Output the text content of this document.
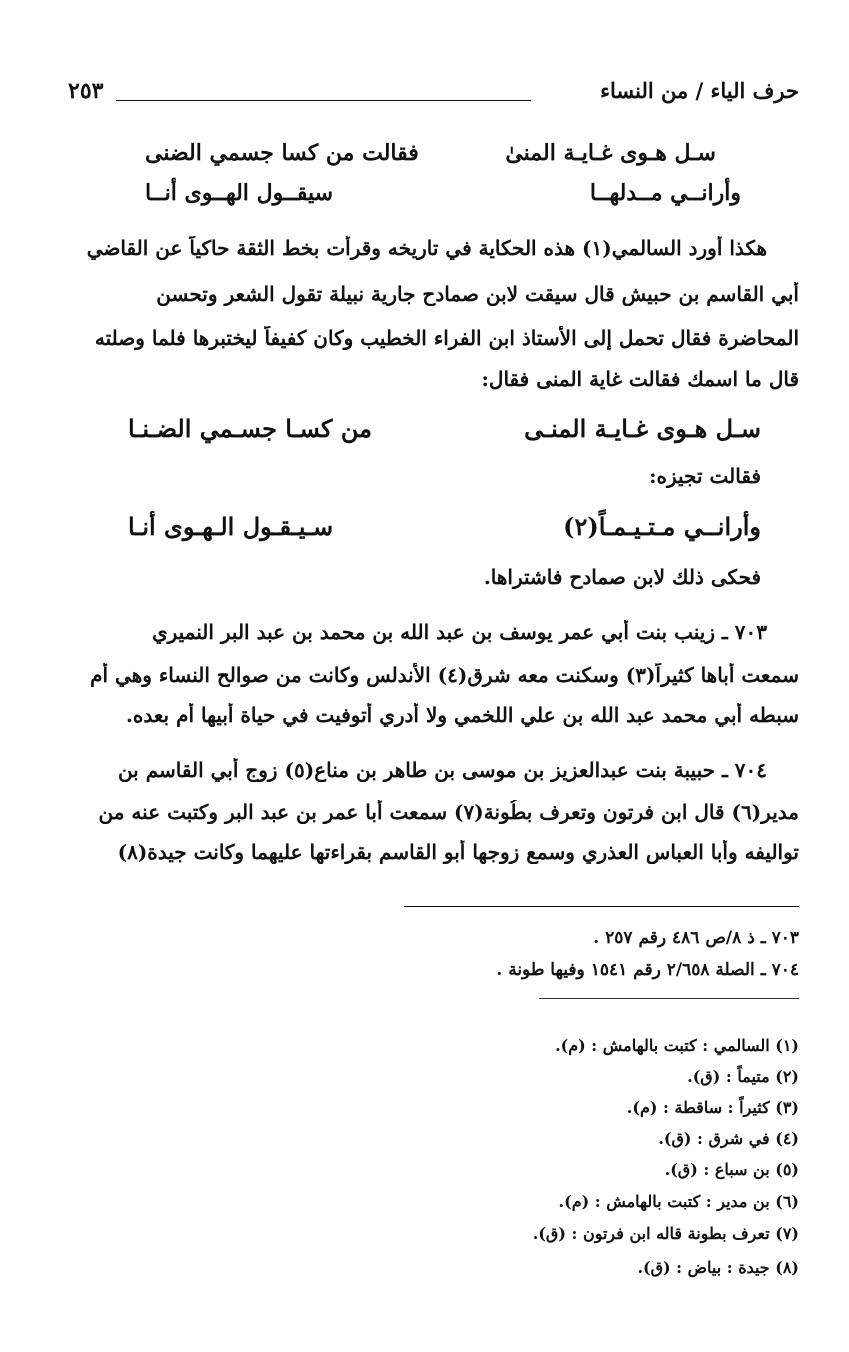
حرف الياء / من النساء
٢٥٣
سـل هـوى غـايـة المنىٰ
فقالت من كسا جسمي الضنى
وأرانــي مــدلهــا
سيقــول الهــوى أنــا
هكذا أورد السالمي(١) هذه الحكاية في تاريخه وقرأت بخط الثقة حاكياً عن القاضي
أبي القاسم بن حبيش قال سيقت لابن صمادح جارية نبيلة تقول الشعر وتحسن
المحاضرة فقال تحمل إلى الأستاذ ابن الفراء الخطيب وكان كفيفاً ليختبرها فلما وصلته
قال ما اسمك فقالت غاية المنى فقال:
سـل هـوى غـايـة المنـى
من كسـا جسـمي الضـنـا
فقالت تجيزه:
وأرانــي مـتـيـمـاً(٢)
سـيـقـول الـهـوى أنـا
فحكى ذلك لابن صمادح فاشتراها.
٧٠٣ ـ زينب بنت أبي عمر يوسف بن عبد الله بن محمد بن عبد البر النميري
سمعت أباها كثيراً(٣) وسكنت معه شرق(٤) الأندلس وكانت من صوالح النساء وهي أم
سبطه أبي محمد عبد الله بن علي اللخمي ولا أدري أتوفيت في حياة أبيها أم بعده.
٧٠٤ ـ حبيبة بنت عبدالعزيز بن موسى بن طاهر بن مناع(٥) زوج أبي القاسم بن
مدير(٦) قال ابن فرتون وتعرف بطُونة(٧) سمعت أبا عمر بن عبد البر وكتبت عنه من
تواليفه وأبا العباس العذري وسمع زوجها أبو القاسم بقراءتها عليهما وكانت جيدة(٨)
٧٠٣ ـ ذ ٨/ص ٤٨٦ رقم ٢٥٧ .
٧٠٤ ـ الصلة ٢/٦٥٨ رقم ١٥٤١ وفيها طونة .
(١) السالمي : كتبت بالهامش : (م).
(٢) متيماً : (ق).
(٣) كثيراً : ساقطة : (م).
(٤) في شرق : (ق).
(٥) بن سباع : (ق).
(٦) بن مدير : كتبت بالهامش : (م).
(٧) تعرف بطونة قاله ابن فرتون : (ق).
(٨) جيدة : بياض : (ق).
